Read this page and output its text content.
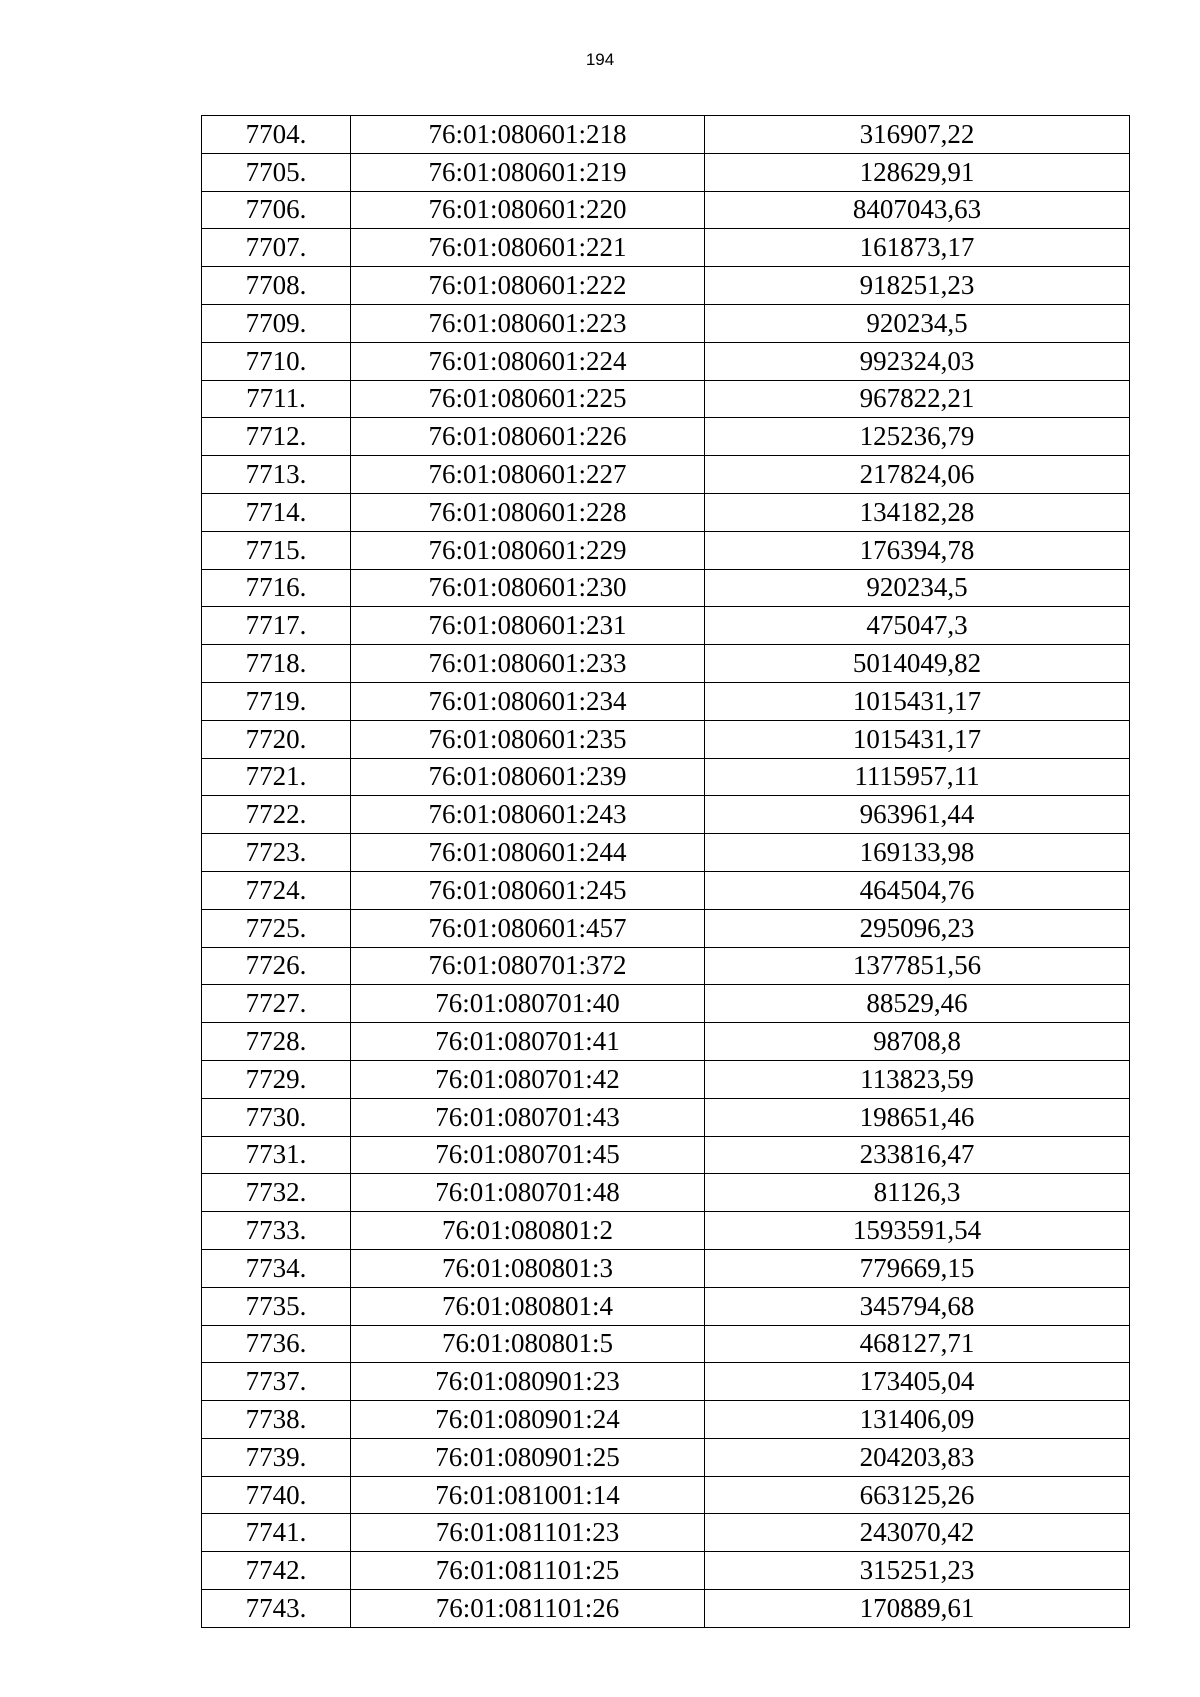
194
7704.	76:01:080601:218	316907,22
7705.	76:01:080601:219	128629,91
7706.	76:01:080601:220	8407043,63
7707.	76:01:080601:221	161873,17
7708.	76:01:080601:222	918251,23
7709.	76:01:080601:223	920234,5
7710.	76:01:080601:224	992324,03
7711.	76:01:080601:225	967822,21
7712.	76:01:080601:226	125236,79
7713.	76:01:080601:227	217824,06
7714.	76:01:080601:228	134182,28
7715.	76:01:080601:229	176394,78
7716.	76:01:080601:230	920234,5
7717.	76:01:080601:231	475047,3
7718.	76:01:080601:233	5014049,82
7719.	76:01:080601:234	1015431,17
7720.	76:01:080601:235	1015431,17
7721.	76:01:080601:239	1115957,11
7722.	76:01:080601:243	963961,44
7723.	76:01:080601:244	169133,98
7724.	76:01:080601:245	464504,76
7725.	76:01:080601:457	295096,23
7726.	76:01:080701:372	1377851,56
7727.	76:01:080701:40	88529,46
7728.	76:01:080701:41	98708,8
7729.	76:01:080701:42	113823,59
7730.	76:01:080701:43	198651,46
7731.	76:01:080701:45	233816,47
7732.	76:01:080701:48	81126,3
7733.	76:01:080801:2	1593591,54
7734.	76:01:080801:3	779669,15
7735.	76:01:080801:4	345794,68
7736.	76:01:080801:5	468127,71
7737.	76:01:080901:23	173405,04
7738.	76:01:080901:24	131406,09
7739.	76:01:080901:25	204203,83
7740.	76:01:081001:14	663125,26
7741.	76:01:081101:23	243070,42
7742.	76:01:081101:25	315251,23
7743.	76:01:081101:26	170889,61
